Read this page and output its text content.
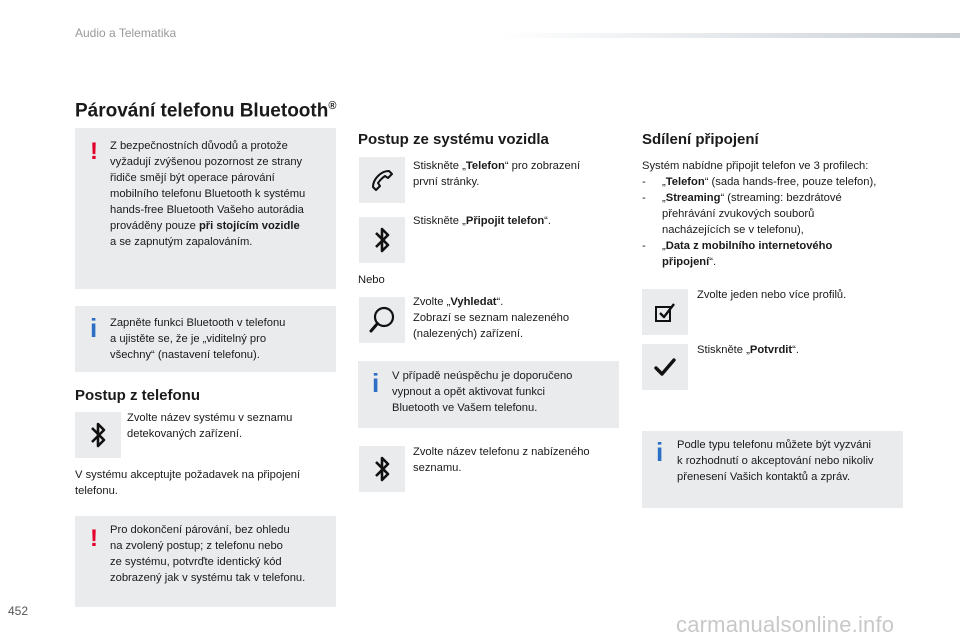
Audio a Telematika
Párování telefonu Bluetooth®
! Z bezpečnostních důvodů a protože
vyžadují zvýšenou pozornost ze strany
řidiče smějí být operace párování
mobilního telefonu Bluetooth k systému
hands-free Bluetooth Vašeho autorádia
prováděny pouze při stojícím vozidle
a se zapnutým zapalováním.
i Zapněte funkci Bluetooth v telefonu
a ujistěte se, že je „viditelný pro
všechny“ (nastavení telefonu).
Postup z telefonu
Zvolte název systému v seznamu
detekovaných zařízení.
V systému akceptujte požadavek na připojení
telefonu.
! Pro dokončení párování, bez ohledu
na zvolený postup; z telefonu nebo
ze systému, potvrďte identický kód
zobrazený jak v systému tak v telefonu.
Postup ze systému vozidla
Stiskněte „Telefon“ pro zobrazení
první stránky.
Stiskněte „Připojit telefon“.
Nebo
Zvolte „Vyhledat“.
Zobrazí se seznam nalezeného
(nalezených) zařízení.
i V případě neúspěchu je doporučeno
vypnout a opět aktivovat funkci
Bluetooth ve Vašem telefonu.
Zvolte název telefonu z nabízeného
seznamu.
Sdílení připojení
Systém nabídne připojit telefon ve 3 profilech:
- „Telefon“ (sada hands-free, pouze telefon),
- „Streaming“ (streaming: bezdrátové
přehrávání zvukových souborů
nacházejících se v telefonu),
- „Data z mobilního internetového
připojení“.
Zvolte jeden nebo více profilů.
Stiskněte „Potvrdit“.
i Podle typu telefonu můžete být vyzváni
k rozhodnutí o akceptování nebo nikoliv
přenesení Vašich kontaktů a zpráv.
452
carmanualsonline.info
